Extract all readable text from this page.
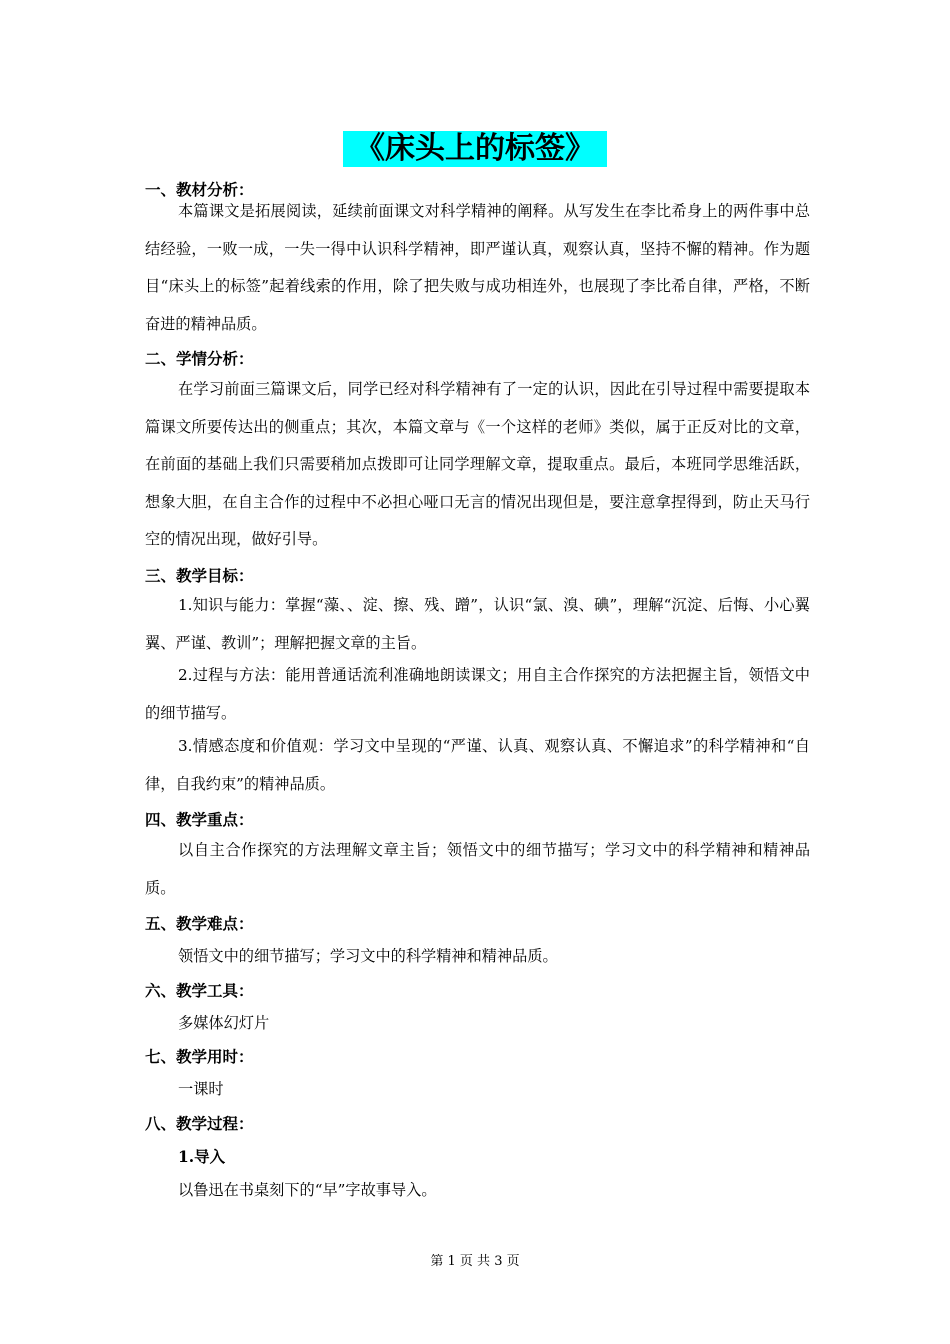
《床头上的标签》
一、教材分析：

本篇课文是拓展阅读，延续前面课文对科学精神的阐释。从写发生在李比希身上的两件事中总结经验，一败一成，一失一得中认识科学精神，即严谨认真，观察认真，坚持不懈的精神。作为题目“床头上的标签”起着线索的作用，除了把失败与成功相连外，也展现了李比希自律，严格，不断奋进的精神品质。

二、学情分析：

在学习前面三篇课文后，同学已经对科学精神有了一定的认识，因此在引导过程中需要提取本篇课文所要传达出的侧重点；其次，本篇文章与《一个这样的老师》类似，属于正反对比的文章，在前面的基础上我们只需要稍加点拨即可让同学理解文章，提取重点。最后，本班同学思维活跃，想象大胆，在自主合作的过程中不必担心哑口无言的情况出现但是，要注意拿捏得到，防止天马行空的情况出现，做好引导。

三、教学目标：

1.知识与能力：掌握“藻、、淀、擦、残、蹭”，认识“氯、溴、碘”，理解“沉淀、后悔、小心翼翼、严谨、教训”；理解把握文章的主旨。

2.过程与方法：能用普通话流利准确地朗读课文；用自主合作探究的方法把握主旨，领悟文中的细节描写。

3.情感态度和价值观：学习文中呈现的“严谨、认真、观察认真、不懈追求”的科学精神和“自律，自我约束”的精神品质。

四、教学重点：

以自主合作探究的方法理解文章主旨；领悟文中的细节描写；学习文中的科学精神和精神品质。

五、教学难点：
领悟文中的细节描写；学习文中的科学精神和精神品质。
六、教学工具：
多媒体幻灯片
七、教学用时：
一课时
八、教学过程：
1.导入
以鲁迅在书桌刻下的“早”字故事导入。
第 1 页 共 3 页
